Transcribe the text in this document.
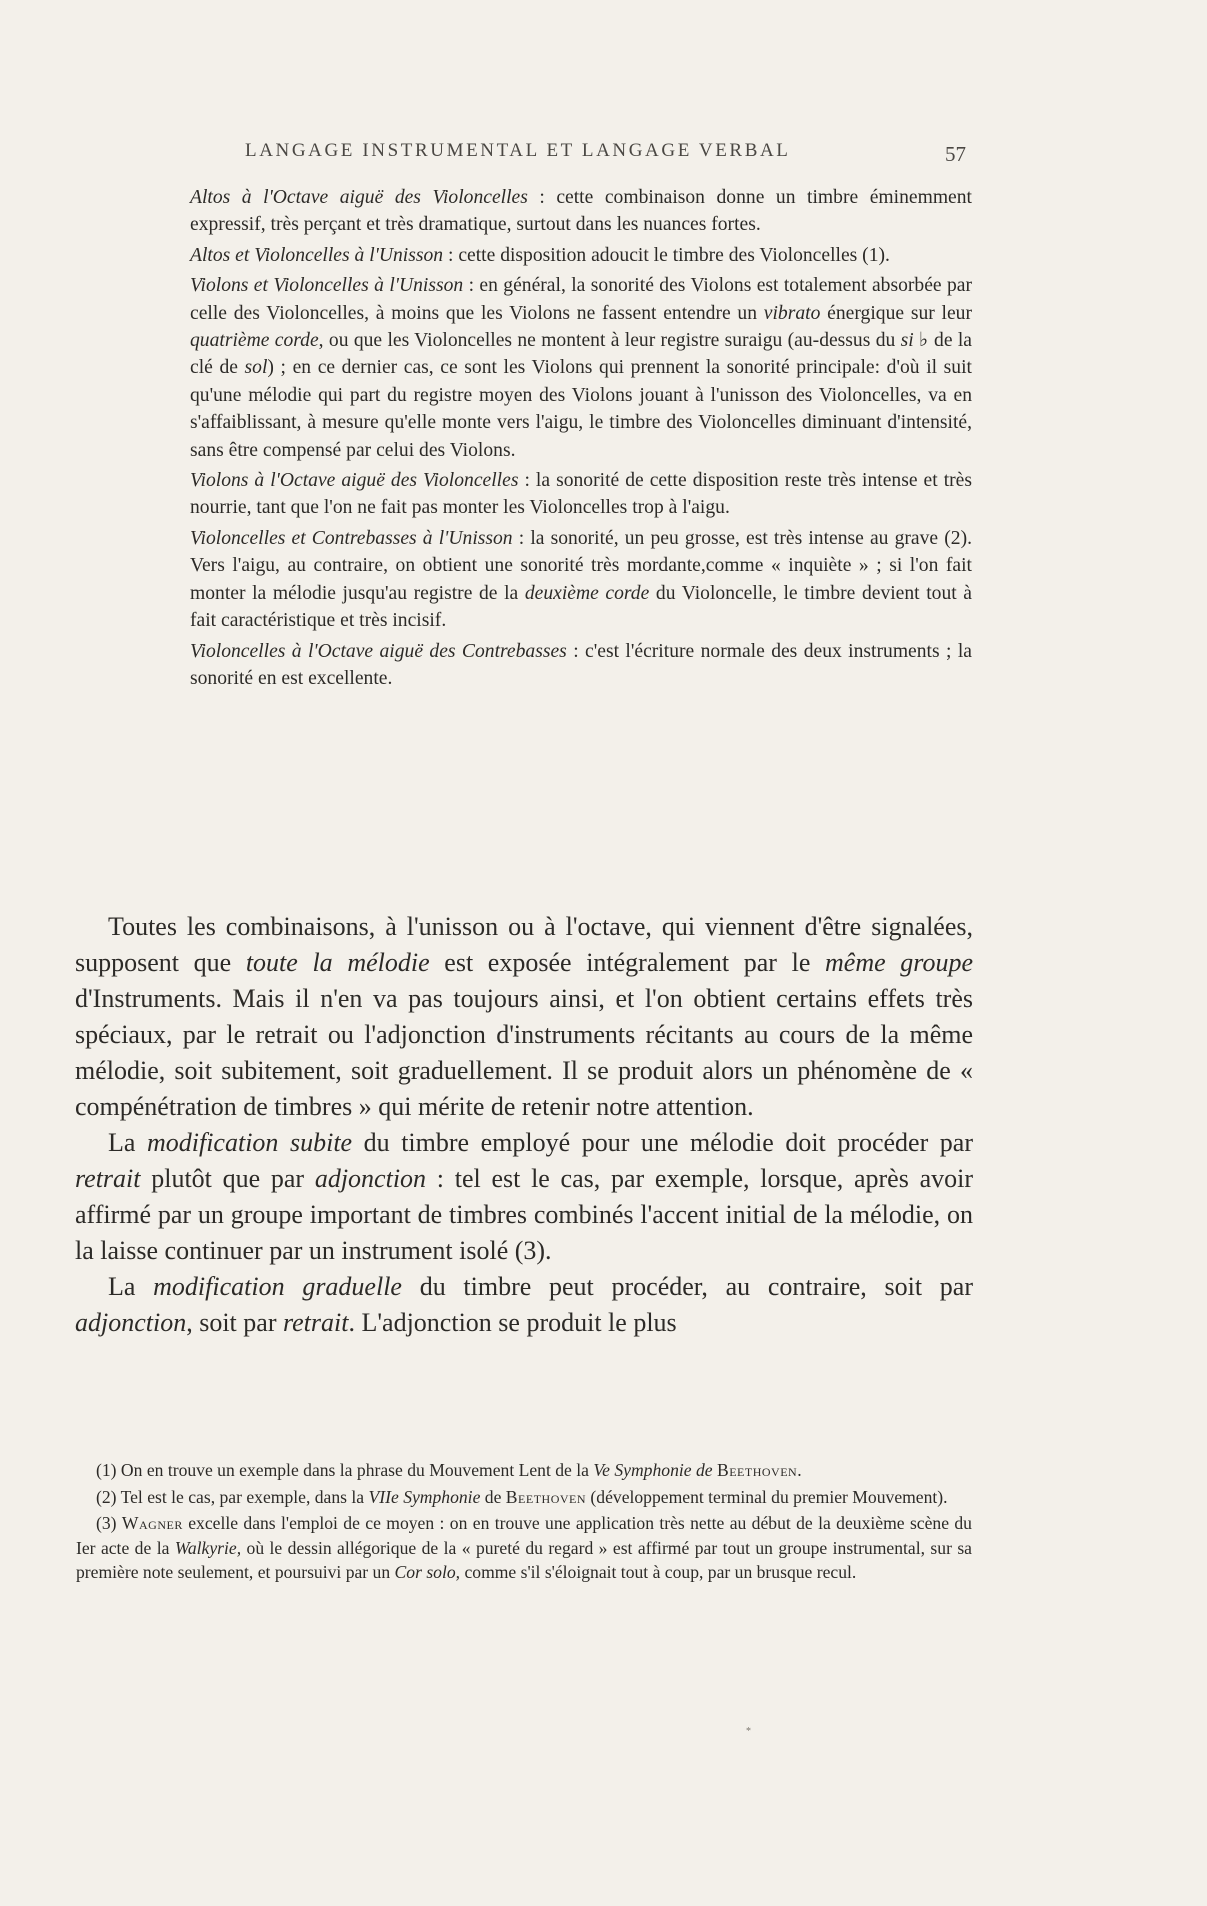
LANGAGE INSTRUMENTAL ET LANGAGE VERBAL	57

Altos à l'Octave aiguë des Violoncelles : cette combinaison donne un timbre éminemment expressif, très perçant et très dramatique, surtout dans les nuances fortes.

Altos et Violoncelles à l'Unisson : cette disposition adoucit le timbre des Violoncelles (1).

Violons et Violoncelles à l'Unisson : en général, la sonorité des Violons est totalement absorbée par celle des Violoncelles, à moins que les Violons ne fassent entendre un vibrato énergique sur leur quatrième corde, ou que les Violoncelles ne montent à leur registre suraigu (au-dessus du si ♭ de la clé de sol) ; en ce dernier cas, ce sont les Violons qui prennent la sonorité principale: d'où il suit qu'une mélodie qui part du registre moyen des Violons jouant à l'unisson des Violoncelles, va en s'affaiblissant, à mesure qu'elle monte vers l'aigu, le timbre des Violoncelles diminuant d'intensité, sans être compensé par celui des Violons.

Violons à l'Octave aiguë des Violoncelles : la sonorité de cette disposition reste très intense et très nourrie, tant que l'on ne fait pas monter les Violoncelles trop à l'aigu.

Violoncelles et Contrebasses à l'Unisson : la sonorité, un peu grosse, est très intense au grave (2). Vers l'aigu, au contraire, on obtient une sonorité très mordante,comme « inquiète » ; si l'on fait monter la mélodie jusqu'au registre de la deuxième corde du Violoncelle, le timbre devient tout à fait caractéristique et très incisif.

Violoncelles à l'Octave aiguë des Contrebasses : c'est l'écriture normale des deux instruments ; la sonorité en est excellente.

Toutes les combinaisons, à l'unisson ou à l'octave, qui viennent d'être signalées, supposent que toute la mélodie est exposée intégralement par le même groupe d'Instruments. Mais il n'en va pas toujours ainsi, et l'on obtient certains effets très spéciaux, par le retrait ou l'adjonction d'instruments récitants au cours de la même mélodie, soit subitement, soit graduellement. Il se produit alors un phénomène de « compénétration de timbres » qui mérite de retenir notre attention.

La modification subite du timbre employé pour une mélodie doit procéder par retrait plutôt que par adjonction : tel est le cas, par exemple, lorsque, après avoir affirmé par un groupe important de timbres combinés l'accent initial de la mélodie, on la laisse continuer par un instrument isolé (3).

La modification graduelle du timbre peut procéder, au contraire, soit par adjonction, soit par retrait. L'adjonction se produit le plus

(1) On en trouve un exemple dans la phrase du Mouvement Lent de la Ve Symphonie de Beethoven.

(2) Tel est le cas, par exemple, dans la VIIe Symphonie de Beethoven (développement terminal du premier Mouvement).

(3) Wagner excelle dans l'emploi de ce moyen : on en trouve une application très nette au début de la deuxième scène du Ier acte de la Walkyrie, où le dessin allégorique de la « pureté du regard » est affirmé par tout un groupe instrumental, sur sa première note seulement, et poursuivi par un Cor solo, comme s'il s'éloignait tout à coup, par un brusque recul.

*
